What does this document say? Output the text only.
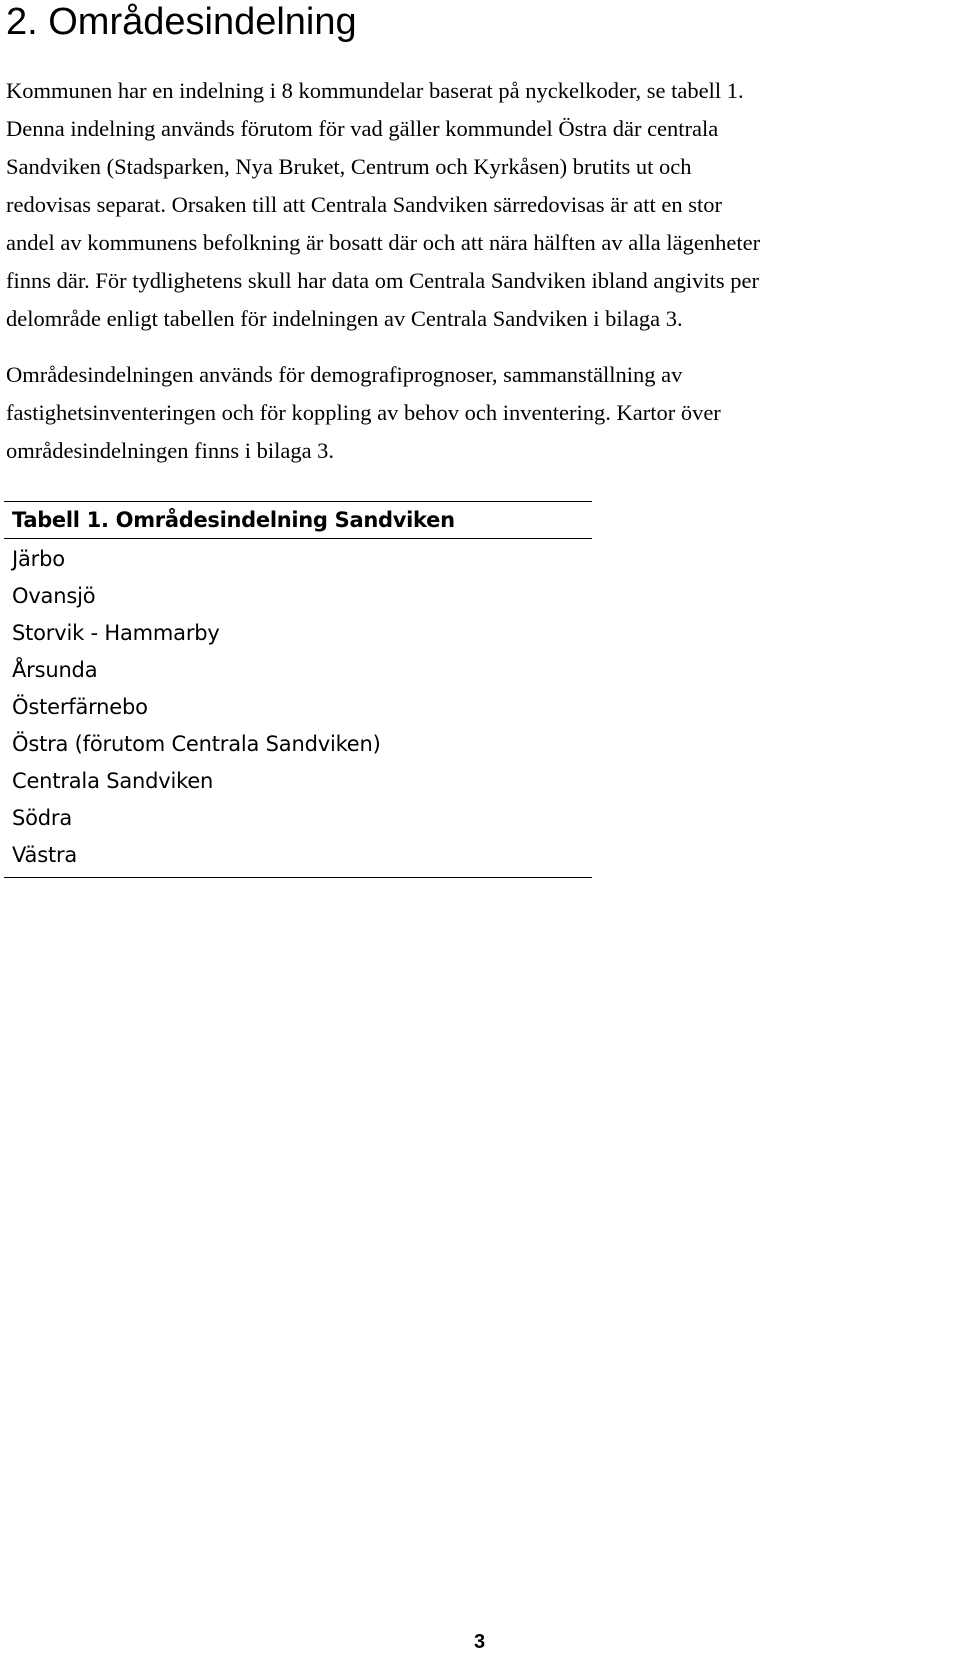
2. Områdesindelning
Kommunen har en indelning i 8 kommundelar baserat på nyckelkoder, se tabell 1.
Denna indelning används förutom för vad gäller kommundel Östra där centrala
Sandviken (Stadsparken, Nya Bruket, Centrum och Kyrkåsen) brutits ut och
redovisas separat. Orsaken till att Centrala Sandviken särredovisas är att en stor
andel av kommunens befolkning är bosatt där och att nära hälften av alla lägenheter
finns där. För tydlighetens skull har data om Centrala Sandviken ibland angivits per
delområde enligt tabellen för indelningen av Centrala Sandviken i bilaga 3.
Områdesindelningen används för demografiprognoser, sammanställning av
fastighetsinventeringen och för koppling av behov och inventering. Kartor över
områdesindelningen finns i bilaga 3.
Tabell 1. Områdesindelning Sandviken
Järbo
Ovansjö
Storvik - Hammarby
Årsunda
Österfärnebo
Östra (förutom Centrala Sandviken)
Centrala Sandviken
Södra
Västra
3
